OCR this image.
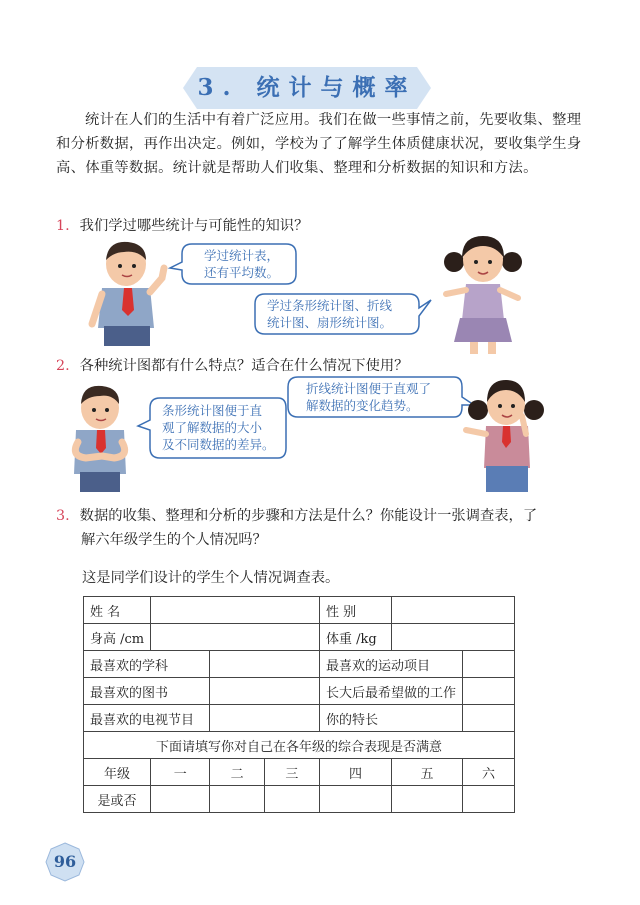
3. 统计与概率
统计在人们的生活中有着广泛应用。我们在做一些事情之前，先要收集、整理和分析数据，再作出决定。例如，学校为了了解学生体质健康状况，要收集学生身高、体重等数据。统计就是帮助人们收集、整理和分析数据的知识和方法。
1. 我们学过哪些统计与可能性的知识？
学过统计表，
还有平均数。
学过条形统计图、折线
统计图、扇形统计图。
2. 各种统计图都有什么特点？适合在什么情况下使用？
条形统计图便于直
观了解数据的大小
及不同数据的差异。
折线统计图便于直观了
解数据的变化趋势。
3. 数据的收集、整理和分析的步骤和方法是什么？你能设计一张调查表，了
解六年级学生的个人情况吗？
这是同学们设计的学生个人情况调查表。
姓 名				性 别		
身高 /cm				体重 /kg		
最喜欢的学科				最喜欢的运动项目		
最喜欢的图书				长大后最希望做的工作		
最喜欢的电视节目				你的特长		
下面请填写你对自己在各年级的综合表现是否满意						
年级	一	二	三	四	五	六
是或否						
96
